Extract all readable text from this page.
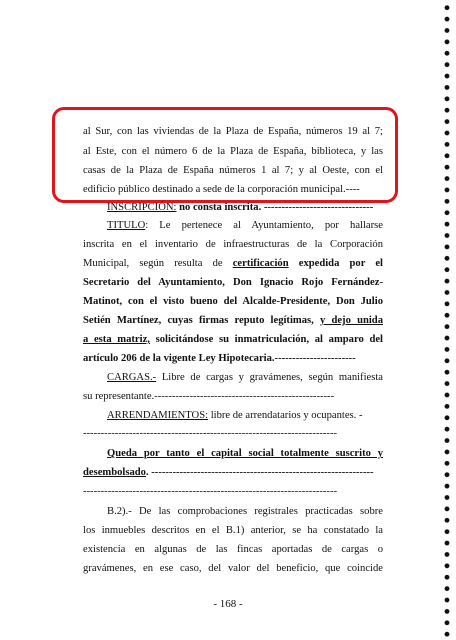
al Sur, con las viviendas de la Plaza de España, números 19 al 7;
al Este, con el número 6 de la Plaza de España, biblioteca, y las
casas de la Plaza de España números 1 al 7; y al Oeste, con el
edificio público destinado a sede de la corporación municipal.----
INSCRIPCIÓN: no consta inscrita. -------------------------------
TITULO: Le pertenece al Ayuntamiento, por hallarse
inscrita en el inventario de infraestructuras de la Corporación
Municipal, según resulta de certificación expedida por el
Secretario del Ayuntamiento, Don Ignacio Rojo Fernández-
Matinot, con el visto bueno del Alcalde-Presidente, Don Julio
Setién Martínez, cuyas firmas reputo legítimas, y dejo unida
a esta matriz, solicitándose su inmatriculación, al amparo del
artículo 206 de la vigente Ley Hipotecaria.-----------------------
CARGAS.- Libre de cargas y gravámenes, según manifiesta
su representante.---------------------------------------------------
ARRENDAMIENTOS: libre de arrendatarios y ocupantes. -
------------------------------------------------------------------------
Queda por tanto el capital social totalmente suscrito y
desembolsado. ---------------------------------------------------------------
------------------------------------------------------------------------
B.2).- De las comprobaciones registrales practicadas sobre
los inmuebles descritos en el B.1) anterior, se ha constatado la
existencia en algunas de las fincas aportadas de cargas o
gravámenes, en ese caso, del valor del beneficio, que coincide
- 168 -
